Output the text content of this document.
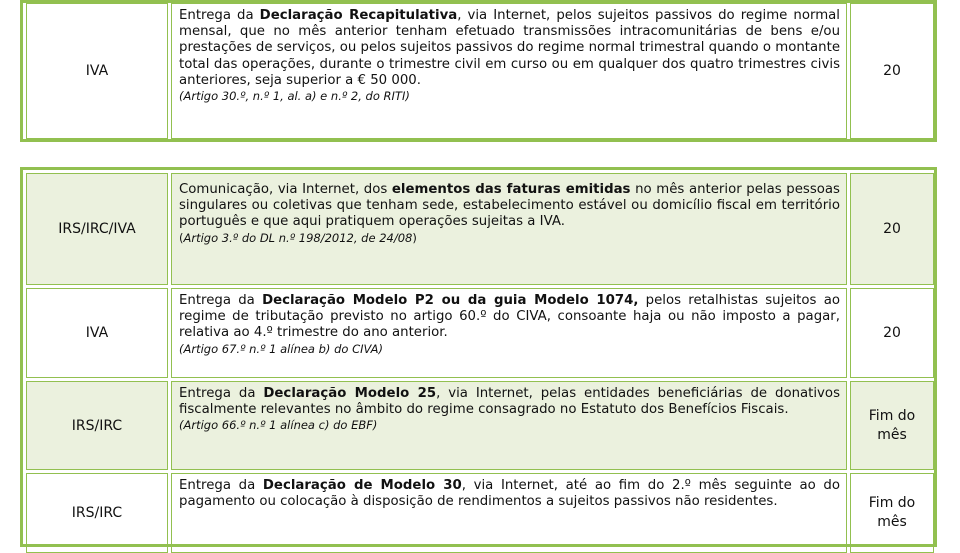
IVA
Entrega da Declaração Recapitulativa, via Internet, pelos sujeitos passivos do regime normal mensal, que no mês anterior tenham efetuado transmissões intracomunitárias de bens e/ou prestações de serviços, ou pelos sujeitos passivos do regime normal trimestral quando o montante total das operações, durante o trimestre civil em curso ou em qualquer dos quatro trimestres civis anteriores, seja superior a € 50 000.
(Artigo 30.º, n.º 1, al. a) e n.º 2, do RITI)
20
IRS/IRC/IVA
Comunicação, via Internet, dos elementos das faturas emitidas no mês anterior pelas pessoas singulares ou coletivas que tenham sede, estabelecimento estável ou domicílio fiscal em território português e que aqui pratiquem operações sujeitas a IVA.
(Artigo 3.º do DL n.º 198/2012, de 24/08)
20
IVA
Entrega da Declaração Modelo P2 ou da guia Modelo 1074, pelos retalhistas sujeitos ao regime de tributação previsto no artigo 60.º do CIVA, consoante haja ou não imposto a pagar, relativa ao 4.º trimestre do ano anterior.
(Artigo 67.º n.º 1 alínea b) do CIVA)
20
IRS/IRC
Entrega da Declaração Modelo 25, via Internet, pelas entidades beneficiárias de donativos fiscalmente relevantes no âmbito do regime consagrado no Estatuto dos Benefícios Fiscais.
(Artigo 66.º n.º 1 alínea c) do EBF)
Fim do
mês
IRS/IRC
Entrega da Declaração de Modelo 30, via Internet, até ao fim do 2.º mês seguinte ao do pagamento ou colocação à disposição de rendimentos a sujeitos passivos não residentes.	Fim do
mês
